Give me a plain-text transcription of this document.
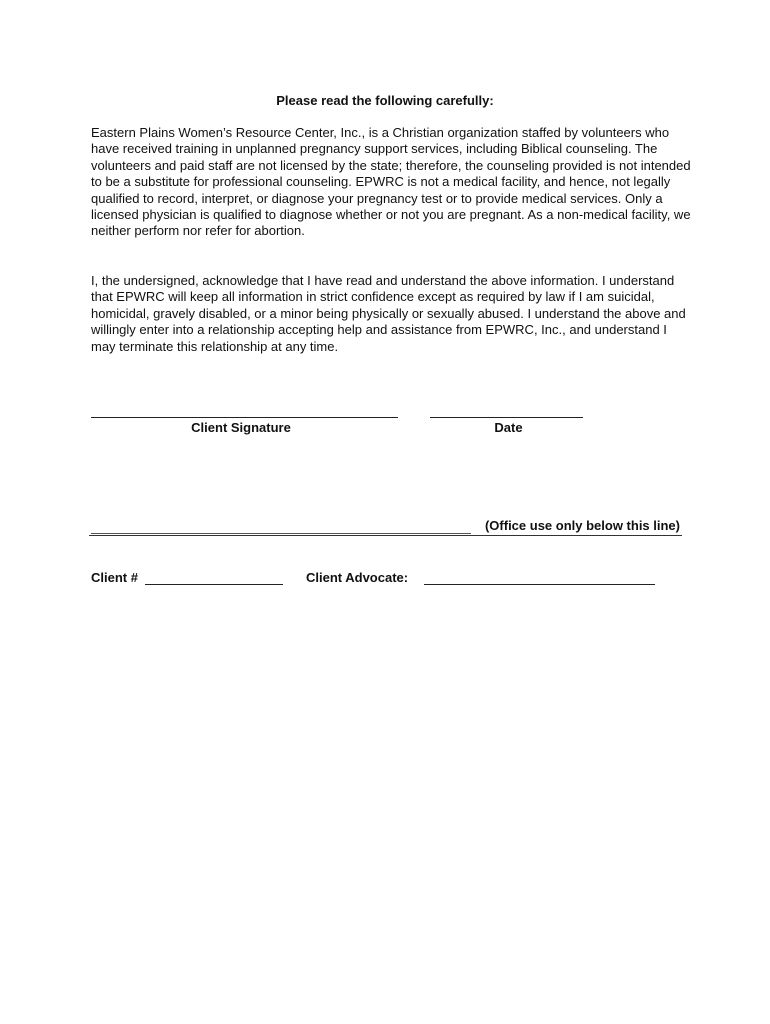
Please read the following carefully:

Eastern Plains Women’s Resource Center, Inc., is a Christian organization staffed by volunteers who have received training in unplanned pregnancy support services, including Biblical counseling. The volunteers and paid staff are not licensed by the state; therefore, the counseling provided is not intended to be a substitute for professional counseling. EPWRC is not a medical facility, and hence, not legally qualified to record, interpret, or diagnose your pregnancy test or to provide medical services. Only a licensed physician is qualified to diagnose whether or not you are pregnant. As a non-medical facility, we neither perform nor refer for abortion.

I, the undersigned, acknowledge that I have read and understand the above information. I understand that EPWRC will keep all information in strict confidence except as required by law if I am suicidal, homicidal, gravely disabled, or a minor being physically or sexually abused. I understand the above and willingly enter into a relationship accepting help and assistance from EPWRC, Inc., and understand I may terminate this relationship at any time.

Client Signature	Date
(Office use only below this line)
Client #	Client Advocate:
